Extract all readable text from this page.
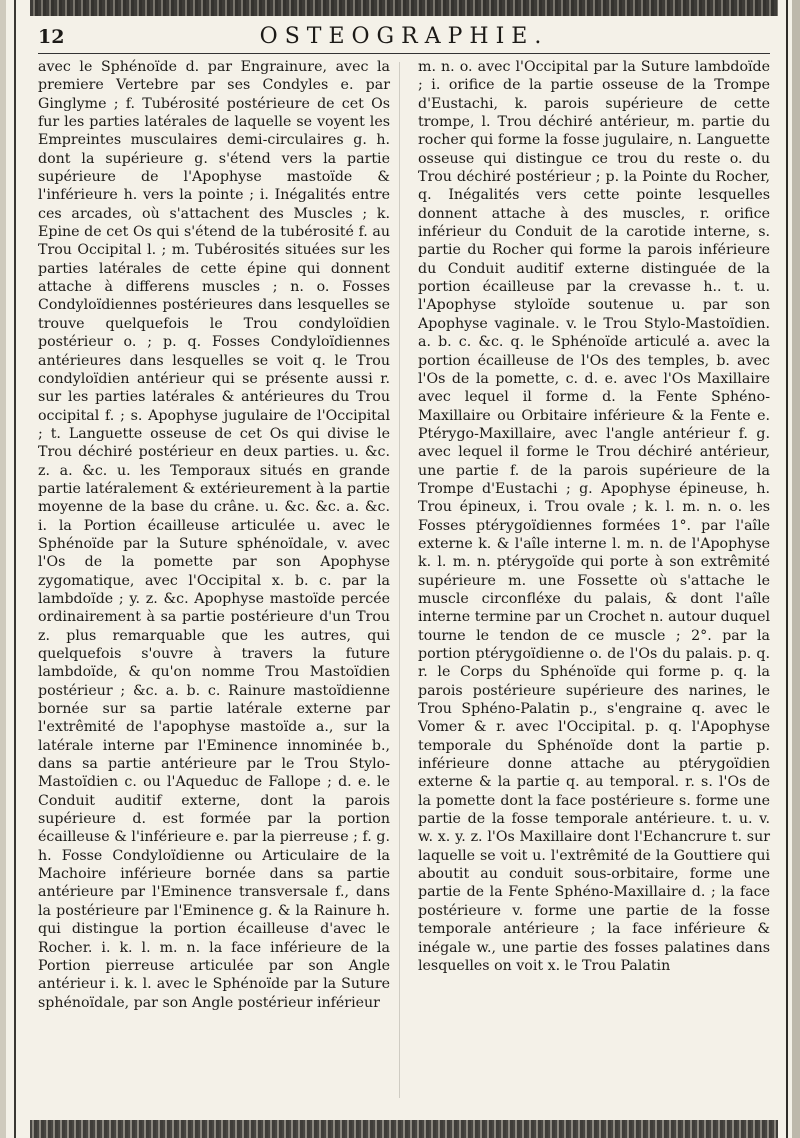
12	OSTEOGRAPHIE.

avec le Sphénoïde d. par Engrainure, avec la premiere Vertebre par ses Condyles e. par Ginglyme ; f. Tubérosité postérieure de cet Os fur les parties latérales de laquelle se voyent les Empreintes musculaires demi-circulaires g. h. dont la supérieure g. s'étend vers la partie supérieure de l'Apophyse mastoïde & l'inférieure h. vers la pointe ; i. Inégalités entre ces arcades, où s'attachent des Muscles ; k. Epine de cet Os qui s'étend de la tubérosité f. au Trou Occipital l. ; m. Tubérosités situées sur les parties latérales de cette épine qui donnent attache à differens muscles ; n. o. Fosses Condyloïdiennes postérieures dans lesquelles se trouve quelquefois le Trou condyloïdien postérieur o. ; p. q. Fosses Condyloïdiennes antérieures dans lesquelles se voit q. le Trou condyloïdien antérieur qui se présente aussi r. sur les parties latérales & antérieures du Trou occipital f. ; s. Apophyse jugulaire de l'Occipital ; t. Languette osseuse de cet Os qui divise le Trou déchiré postérieur en deux parties. u. &c. z. a. &c. u. les Temporaux situés en grande partie latéralement & extérieurement à la partie moyenne de la base du crâne. u. &c. &c. a. &c. i. la Portion écailleuse articulée u. avec le Sphénoïde par la Suture sphénoïdale, v. avec l'Os de la pomette par son Apophyse zygomatique, avec l'Occipital x. b. c. par la lambdoïde ; y. z. &c. Apophyse mastoïde percée ordinairement à sa partie postérieure d'un Trou z. plus remarquable que les autres, qui quelquefois s'ouvre à travers la future lambdoïde, & qu'on nomme Trou Mastoïdien postérieur ; &c. a. b. c. Rainure mastoïdienne bornée sur sa partie latérale externe par l'extrêmité de l'apophyse mastoïde a., sur la latérale interne par l'Eminence innominée b., dans sa partie antérieure par le Trou Stylo-Mastoïdien c. ou l'Aqueduc de Fallope ; d. e. le Conduit auditif externe, dont la parois supérieure d. est formée par la portion écailleuse & l'inférieure e. par la pierreuse ; f. g. h. Fosse Condyloïdienne ou Articulaire de la Machoire inférieure bornée dans sa partie antérieure par l'Eminence transversale f., dans la postérieure par l'Eminence g. & la Rainure h. qui distingue la portion écailleuse d'avec le Rocher. i. k. l. m. n. la face inférieure de la Portion pierreuse articulée par son Angle antérieur i. k. l. avec le Sphénoïde par la Suture sphénoïdale, par son Angle postérieur inférieur

m. n. o. avec l'Occipital par la Suture lambdoïde ; i. orifice de la partie osseuse de la Trompe d'Eustachi, k. parois supérieure de cette trompe, l. Trou déchiré antérieur, m. partie du rocher qui forme la fosse jugulaire, n. Languette osseuse qui distingue ce trou du reste o. du Trou déchiré postérieur ; p. la Pointe du Rocher, q. Inégalités vers cette pointe lesquelles donnent attache à des muscles, r. orifice inférieur du Conduit de la carotide interne, s. partie du Rocher qui forme la parois inférieure du Conduit auditif externe distinguée de la portion écailleuse par la crevasse h.. t. u. l'Apophyse styloïde soutenue u. par son Apophyse vaginale. v. le Trou Stylo-Mastoïdien. a. b. c. &c. q. le Sphénoïde articulé a. avec la portion écailleuse de l'Os des temples, b. avec l'Os de la pomette, c. d. e. avec l'Os Maxillaire avec lequel il forme d. la Fente Sphéno-Maxillaire ou Orbitaire inférieure & la Fente e. Ptérygo-Maxillaire, avec l'angle antérieur f. g. avec lequel il forme le Trou déchiré antérieur, une partie f. de la parois supérieure de la Trompe d'Eustachi ; g. Apophyse épineuse, h. Trou épineux, i. Trou ovale ; k. l. m. n. o. les Fosses ptérygoïdiennes formées 1°. par l'aîle externe k. & l'aîle interne l. m. n. de l'Apophyse k. l. m. n. ptérygoïde qui porte à son extrêmité supérieure m. une Fossette où s'attache le muscle circonfléxe du palais, & dont l'aîle interne termine par un Crochet n. autour duquel tourne le tendon de ce muscle ; 2°. par la portion ptérygoïdienne o. de l'Os du palais. p. q. r. le Corps du Sphénoïde qui forme p. q. la parois postérieure supérieure des narines, le Trou Sphéno-Palatin p., s'engraine q. avec le Vomer & r. avec l'Occipital. p. q. l'Apophyse temporale du Sphénoïde dont la partie p. inférieure donne attache au ptérygoïdien externe & la partie q. au temporal. r. s. l'Os de la pomette dont la face postérieure s. forme une partie de la fosse temporale antérieure. t. u. v. w. x. y. z. l'Os Maxillaire dont l'Echancrure t. sur laquelle se voit u. l'extrêmité de la Gouttiere qui aboutit au conduit sous-orbitaire, forme une partie de la Fente Sphéno-Maxillaire d. ; la face postérieure v. forme une partie de la fosse temporale antérieure ; la face inférieure & inégale w., une partie des fosses palatines dans lesquelles on voit x. le Trou Palatin
